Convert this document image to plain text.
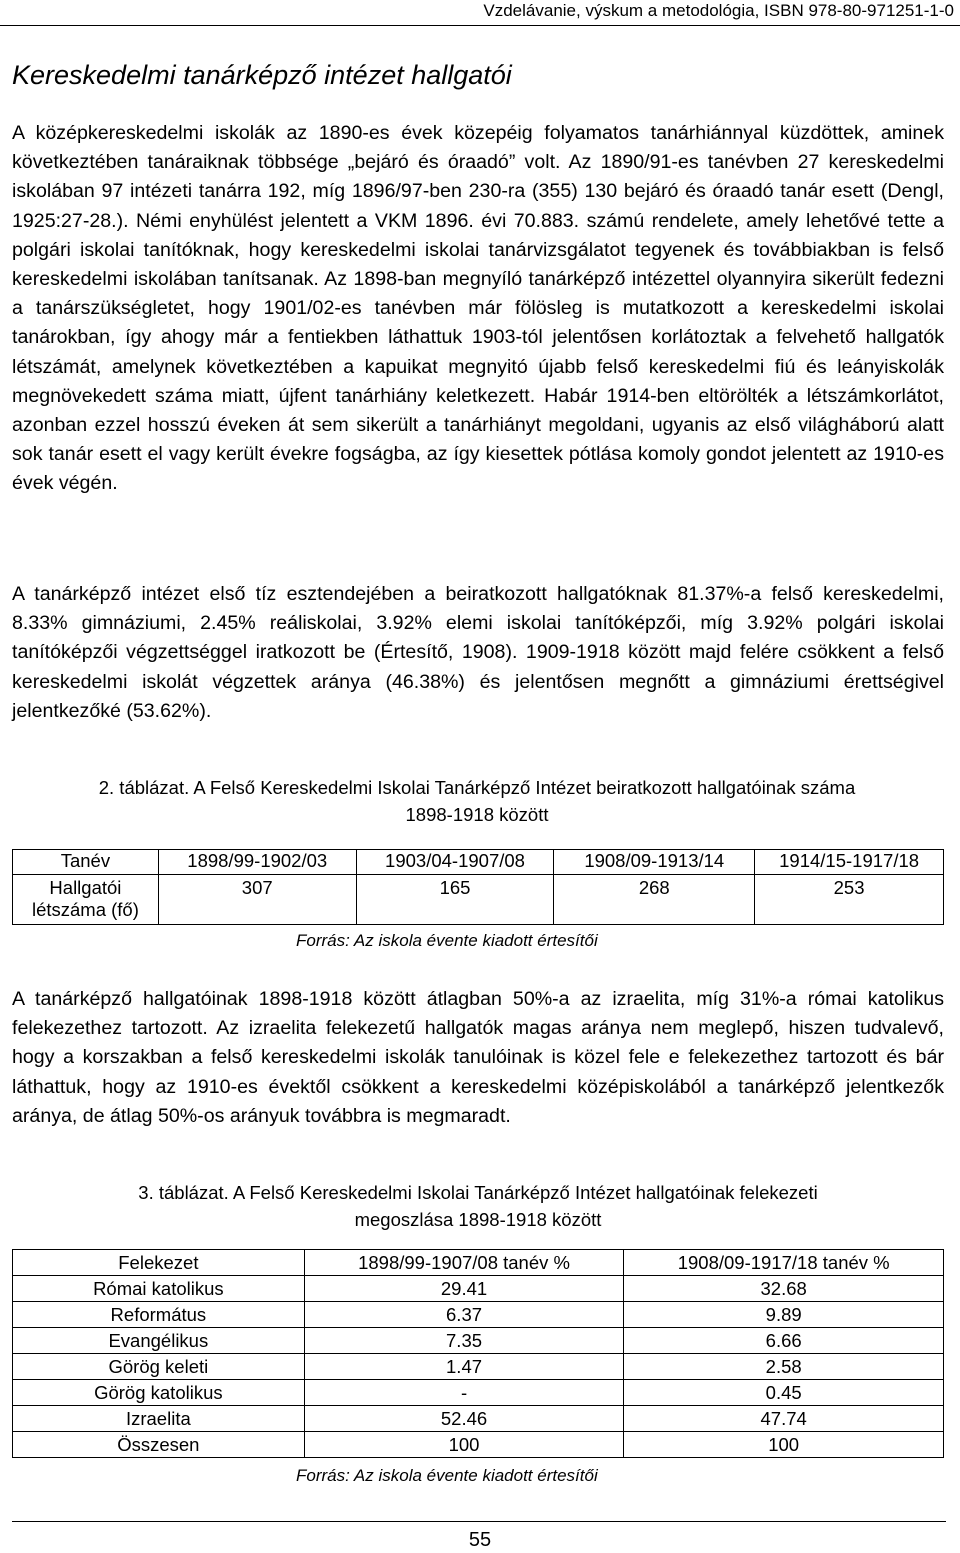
Vzdelávanie, výskum a metodológia, ISBN 978-80-971251-1-0
Kereskedelmi tanárképző intézet hallgatói
A középkereskedelmi iskolák az 1890-es évek közepéig folyamatos tanárhiánnyal küzdöttek, aminek következtében tanáraiknak többsége „bejáró és óraadó” volt. Az 1890/91-es tanévben 27 kereskedelmi iskolában 97 intézeti tanárra 192, míg 1896/97-ben 230-ra (355) 130 bejáró és óraadó tanár esett (Dengl, 1925:27-28.). Némi enyhülést jelentett a VKM 1896. évi 70.883. számú rendelete, amely lehetővé tette a polgári iskolai tanítóknak, hogy kereskedelmi iskolai tanárvizsgálatot tegyenek és továbbiakban is felső kereskedelmi iskolában tanítsanak. Az 1898-ban megnyíló tanárképző intézettel olyannyira sikerült fedezni a tanárszükségletet, hogy 1901/02-es tanévben már fölösleg is mutatkozott a kereskedelmi iskolai tanárokban, így ahogy már a fentiekben láthattuk 1903-tól jelentősen korlátoztak a felvehető hallgatók létszámát, amelynek következtében a kapuikat megnyitó újabb felső kereskedelmi fiú és leányiskolák megnövekedett száma miatt, újfent tanárhiány keletkezett. Habár 1914-ben eltörölték a létszámkorlátot, azonban ezzel hosszú éveken át sem sikerült a tanárhiányt megoldani, ugyanis az első világháború alatt sok tanár esett el vagy került évekre fogságba, az így kiesettek pótlása komoly gondot jelentett az 1910-es évek végén.
A tanárképző intézet első tíz esztendejében a beiratkozott hallgatóknak 81.37%-a felső kereskedelmi, 8.33% gimnáziumi, 2.45% reáliskolai, 3.92% elemi iskolai tanítóképzői, míg 3.92% polgári iskolai tanítóképzői végzettséggel iratkozott be (Értesítő, 1908). 1909-1918 között majd felére csökkent a felső kereskedelmi iskolát végzettek aránya (46.38%) és jelentősen megnőtt a gimnáziumi érettségivel jelentkezőké (53.62%).
2. táblázat. A Felső Kereskedelmi Iskolai Tanárképző Intézet beiratkozott hallgatóinak száma
1898-1918 között
Tanév	1898/99-1902/03	1903/04-1907/08	1908/09-1913/14	1914/15-1917/18

Hallgatói
létszáma (fő)	307	165	268	253
Forrás: Az iskola évente kiadott értesítői
A tanárképző hallgatóinak 1898-1918 között átlagban 50%-a az izraelita, míg 31%-a római katolikus felekezethez tartozott. Az izraelita felekezetű hallgatók magas aránya nem meglepő, hiszen tudvalevő, hogy a korszakban a felső kereskedelmi iskolák tanulóinak is közel fele e felekezethez tartozott és bár láthattuk, hogy az 1910-es évektől csökkent a kereskedelmi középiskolából a tanárképző jelentkezők aránya, de átlag 50%-os arányuk továbbra is megmaradt.
3. táblázat. A Felső Kereskedelmi Iskolai Tanárképző Intézet hallgatóinak felekezeti
megoszlása 1898-1918 között
Felekezet	1898/99-1907/08 tanév %	1908/09-1917/18 tanév %
Római katolikus	29.41	32.68
Református	6.37	9.89
Evangélikus	7.35	6.66
Görög keleti	1.47	2.58
Görög katolikus	-	0.45
Izraelita	52.46	47.74
Összesen	100	100
Forrás: Az iskola évente kiadott értesítői
55
